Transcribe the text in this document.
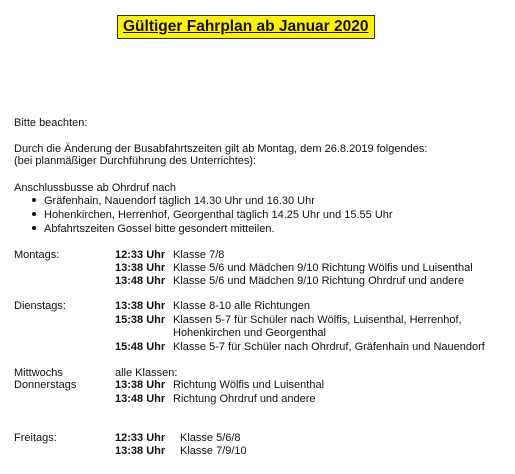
Gültiger Fahrplan ab Januar 2020
Bitte beachten:
Durch die Änderung der Busabfahrtszeiten gilt ab Montag, dem 26.8.2019 folgendes:
(bei planmäßiger Durchführung des Unterrichtes):
Anschlussbusse ab Ohrdruf nach
Gräfenhain, Nauendorf täglich 14.30 Uhr und 16.30 Uhr
Hohenkirchen, Herrenhof, Georgenthal täglich 14.25 Uhr und 15.55 Uhr
Abfahrtszeiten Gossel bitte gesondert mitteilen.
Montags:	12:33 Uhr Klasse 7/8
13:38 Uhr Klasse 5/6 und Mädchen 9/10 Richtung Wölfis und Luisenthal
13:48 Uhr Klasse 5/6 und Mädchen 9/10 Richtung Ohrdruf und andere
Dienstags:	13:38 Uhr Klasse 8-10 alle Richtungen
15:38 Uhr Klassen 5-7 für Schüler nach Wölfis, Luisenthal, Herrenhof,
Hohenkirchen und Georgenthal
15:48 Uhr Klasse 5-7 für Schüler nach Ohrdruf, Gräfenhain und Nauendorf
Mittwochs	alle Klassen:
Donnerstags	13:38 Uhr Richtung Wölfis und Luisenthal
13:48 Uhr Richtung Ohrdruf und andere
Freitags:	12:33 Uhr Klasse 5/6/8
13:38 Uhr Klasse 7/9/10
